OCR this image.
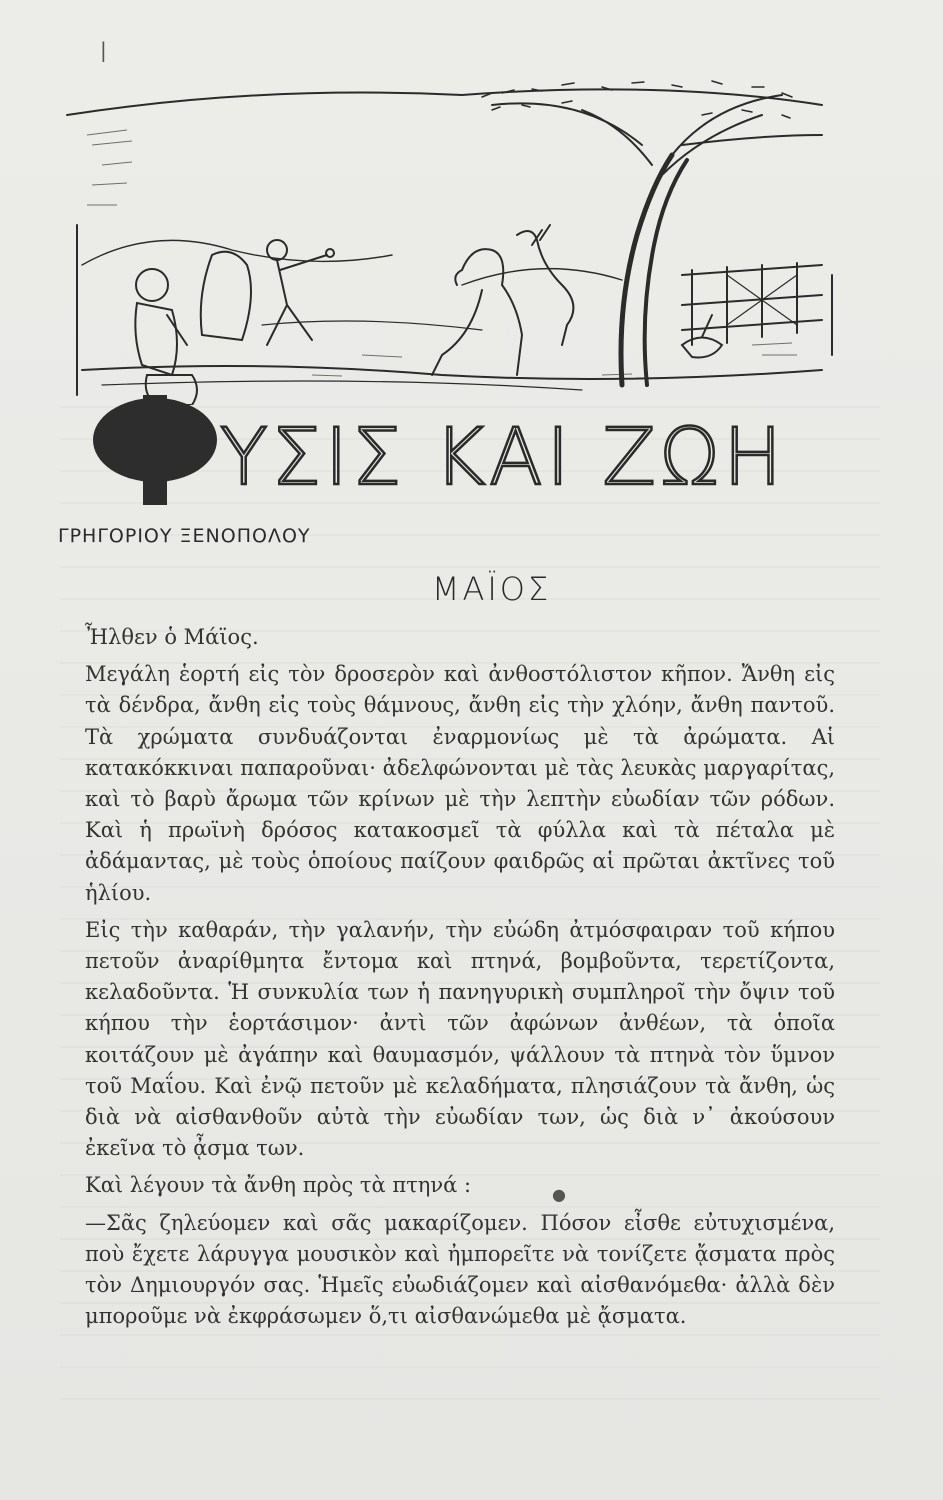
ΥΣΙΣ ΚΑΙ ΖΩΗ
ΓΡΗΓΟΡΙΟΥ ΞΕΝΟΠΟΛΟΥ
ΜΑΪΟΣ

Ἦλθεν ὁ Μάϊος.

Μεγάλη ἑορτή εἰς τὸν δροσερὸν καὶ ἀνθοστόλιστον κῆπον. Ἄνθη εἰς τὰ δένδρα, ἄνθη εἰς τοὺς θάμνους, ἄνθη εἰς τὴν χλόην, ἄνθη παντοῦ. Τὰ χρώματα συνδυάζονται ἐναρμονίως μὲ τὰ ἀρώματα. Αἱ κατακόκκιναι παπαροῦναι· ἀδελφώνονται μὲ τὰς λευκὰς μαργαρίτας, καὶ τὸ βαρὺ ἄρωμα τῶν κρίνων μὲ τὴν λεπτὴν εὐωδίαν τῶν ρόδων. Καὶ ἡ πρωϊνὴ δρόσος κατακοσμεῖ τὰ φύλλα καὶ τὰ πέταλα μὲ ἀδάμαντας, μὲ τοὺς ὁποίους παίζουν φαιδρῶς αἱ πρῶται ἀκτῖνες τοῦ ἡλίου.

Εἰς τὴν καθαράν, τὴν γαλανήν, τὴν εὐώδη ἀτμόσφαιραν τοῦ κήπου πετοῦν ἀναρίθμητα ἔντομα καὶ πτηνά, βομβοῦντα, τερετίζοντα, κελαδοῦντα. Ἡ συνκυλία των ἡ πανηγυρικὴ συμπληροῖ τὴν ὄψιν τοῦ κήπου τὴν ἑορτάσιμον· ἀντὶ τῶν ἀφώνων ἀνθέων, τὰ ὁποῖα κοιτάζουν μὲ ἀγάπην καὶ θαυμασμόν, ψάλλουν τὰ πτηνὰ τὸν ὕμνον τοῦ Μαΐου. Καὶ ἐνῷ πετοῦν μὲ κελαδήματα, πλησιάζουν τὰ ἄνθη, ὡς διὰ νὰ αἰσθανθοῦν αὐτὰ τὴν εὐωδίαν των, ὡς διὰ ν᾽ ἀκούσουν ἐκεῖνα τὸ ᾆσμα των.

Καὶ λέγουν τὰ ἄνθη πρὸς τὰ πτηνά :

—Σᾶς ζηλεύομεν καὶ σᾶς μακαρίζομεν. Πόσον εἶσθε εὐτυχισμένα, ποὺ ἔχετε λάρυγγα μουσικὸν καὶ ἠμπορεῖτε νὰ τονίζετε ᾄσματα πρὸς τὸν Δημιουργόν σας. Ἡμεῖς εὐωδιάζομεν καὶ αἰσθανόμεθα· ἀλλὰ δὲν μποροῦμε νὰ ἐκφράσωμεν ὅ,τι αἰσθανώμεθα μὲ ᾄσματα.

|
●
